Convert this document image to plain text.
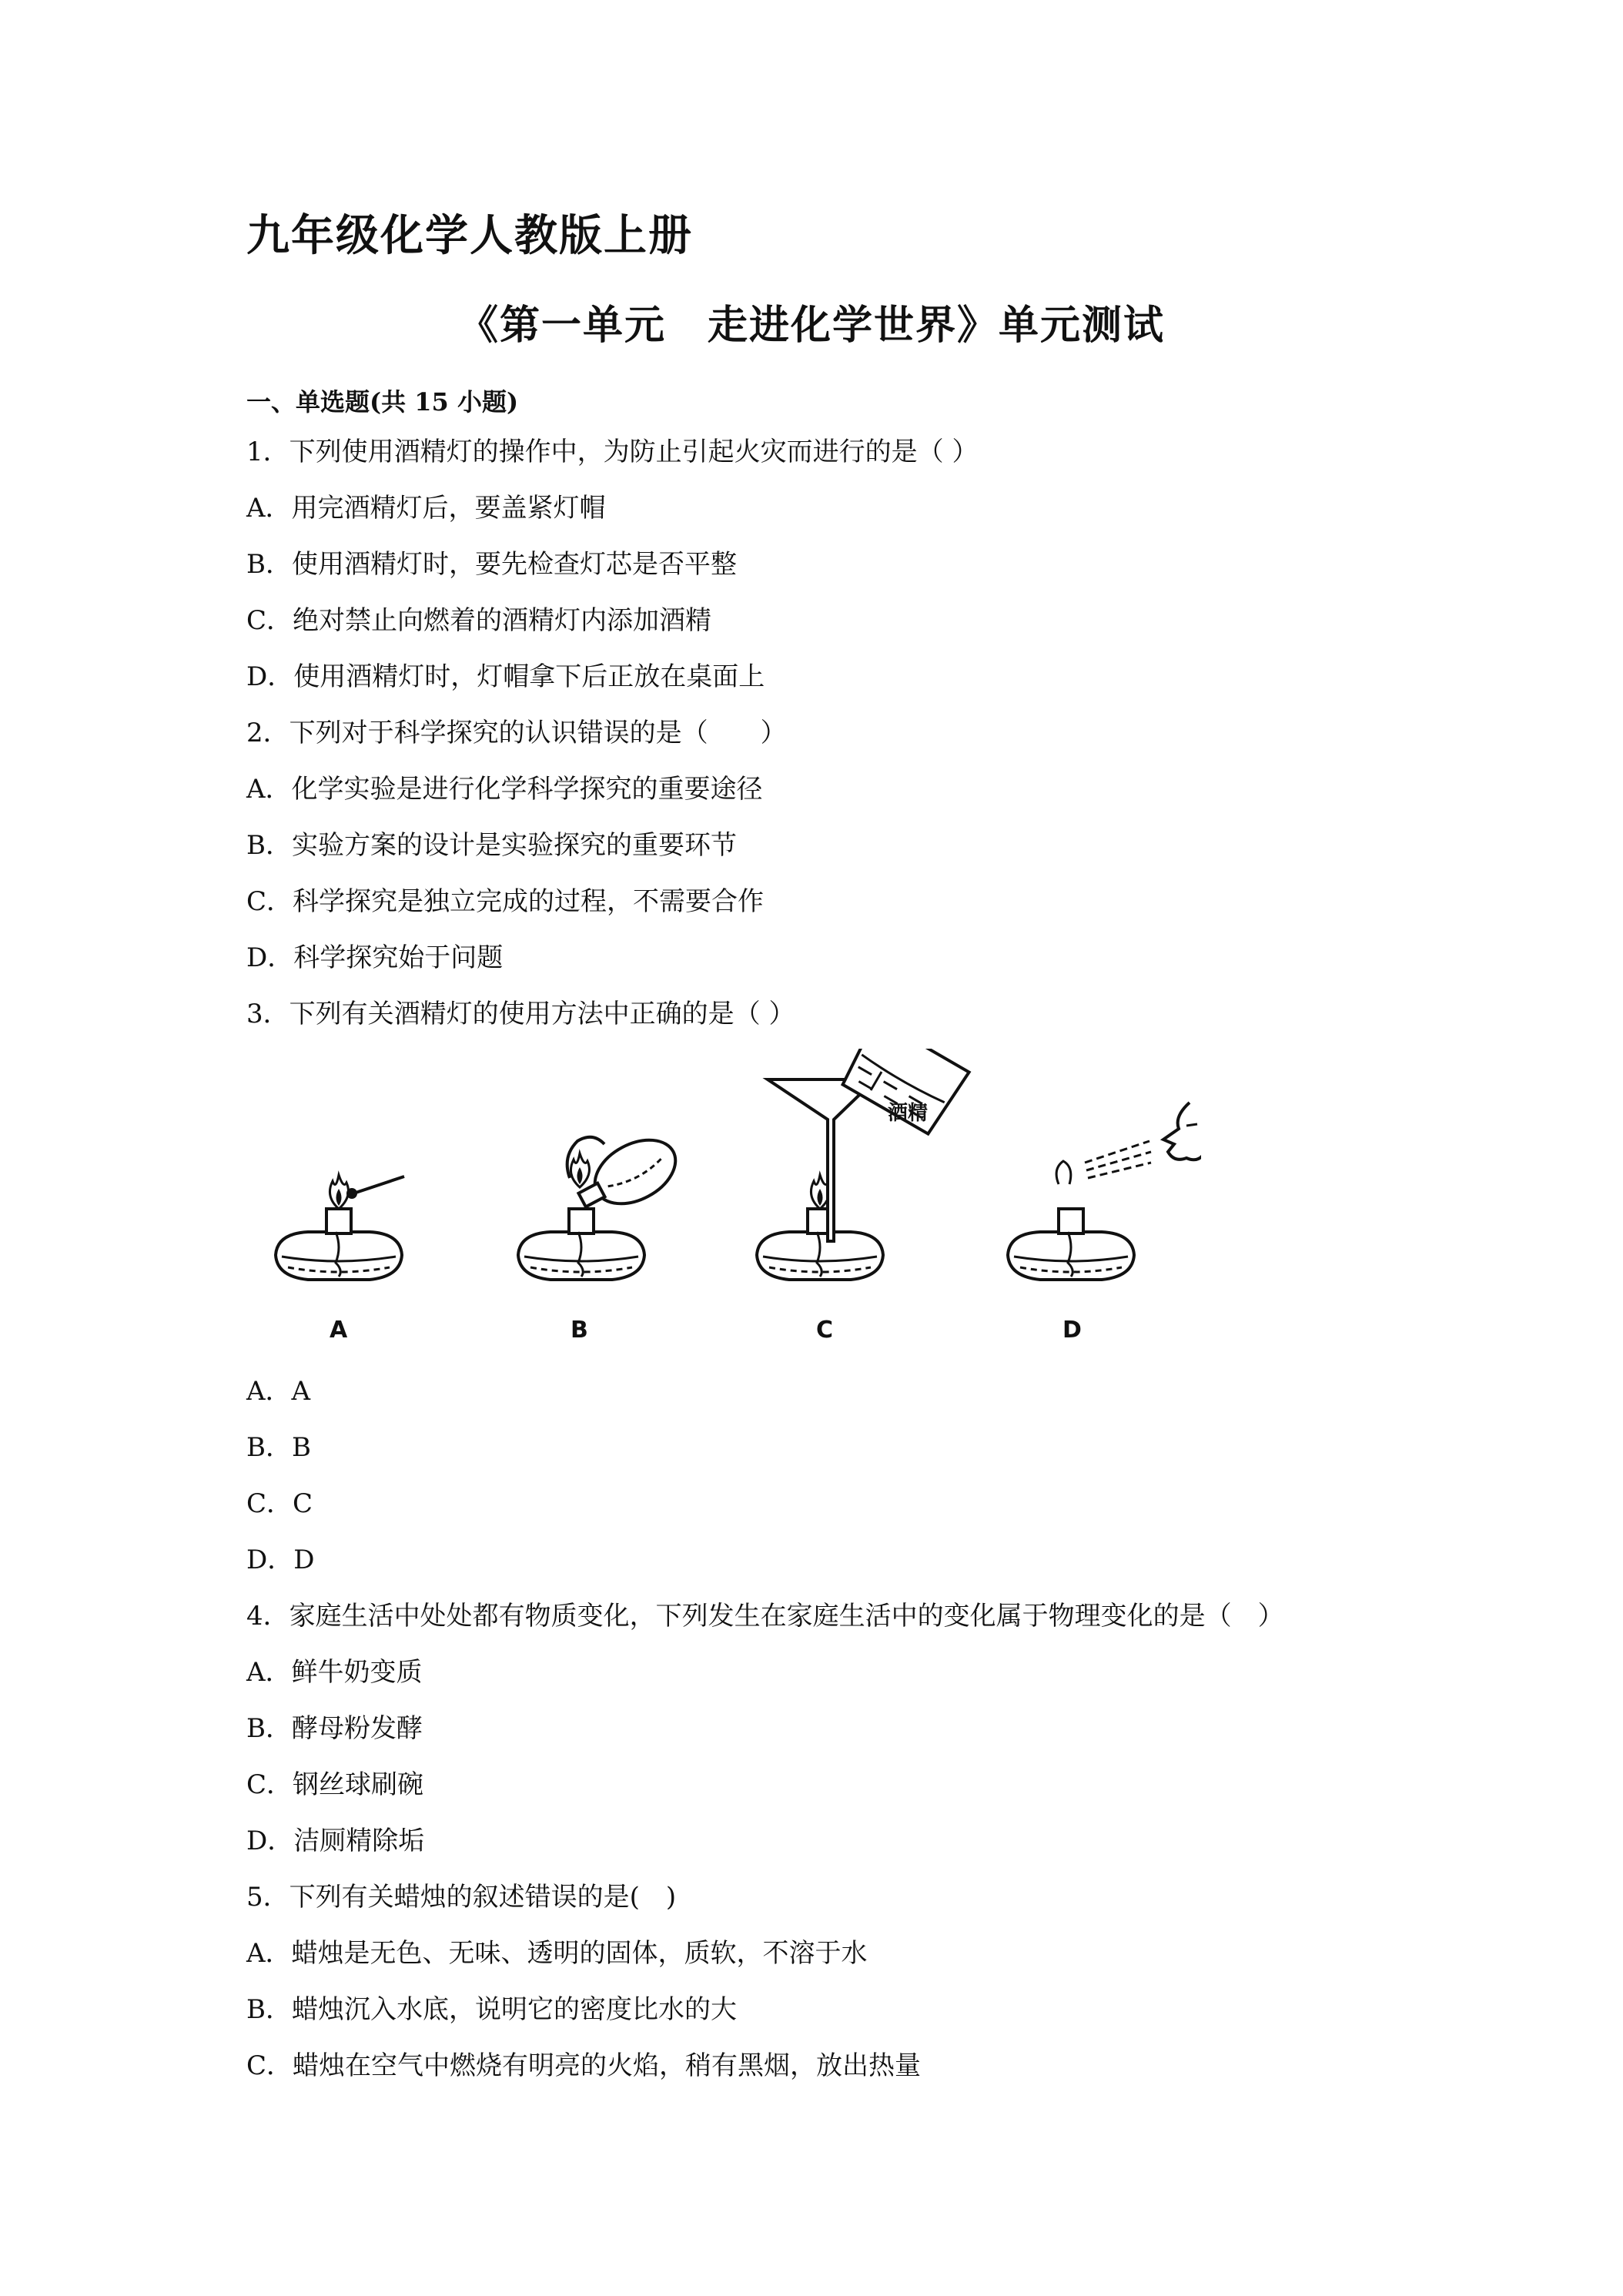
九年级化学人教版上册
《第一单元　走进化学世界》单元测试
一、单选题(共 15 小题)
1．下列使用酒精灯的操作中，为防止引起火灾而进行的是（ ）
A．用完酒精灯后，要盖紧灯帽
B．使用酒精灯时，要先检查灯芯是否平整
C．绝对禁止向燃着的酒精灯内添加酒精
D．使用酒精灯时，灯帽拿下后正放在桌面上
2．下列对于科学探究的认识错误的是（　　）
A．化学实验是进行化学科学探究的重要途径
B．实验方案的设计是实验探究的重要环节
C．科学探究是独立完成的过程，不需要合作
D．科学探究始于问题
3．下列有关酒精灯的使用方法中正确的是（ ）
酒精
A	B	C	D
A．A
B．B
C．C
D．D
4．家庭生活中处处都有物质变化，下列发生在家庭生活中的变化属于物理变化的是（　）
A．鲜牛奶变质
B．酵母粉发酵
C．钢丝球刷碗
D．洁厕精除垢
5．下列有关蜡烛的叙述错误的是(　)
A．蜡烛是无色、无味、透明的固体，质软，不溶于水
B．蜡烛沉入水底，说明它的密度比水的大
C．蜡烛在空气中燃烧有明亮的火焰，稍有黑烟，放出热量
